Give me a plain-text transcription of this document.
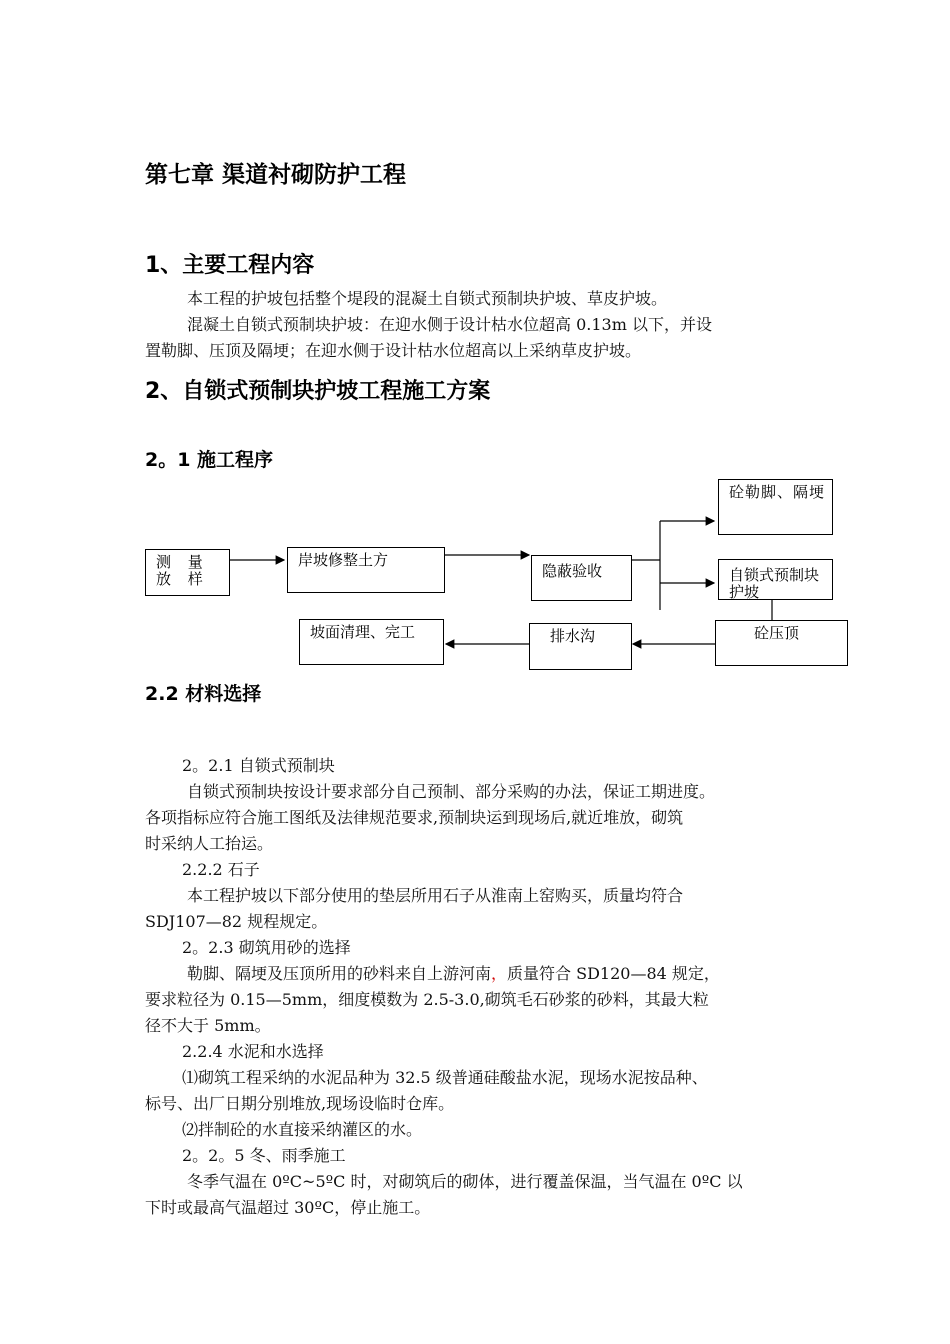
第七章 渠道衬砌防护工程
1、主要工程内容
本工程的护坡包括整个堤段的混凝土自锁式预制块护坡、草皮护坡。
混凝土自锁式预制块护坡：在迎水侧于设计枯水位超高 0.13m 以下，并设
置勒脚、压顶及隔埂；在迎水侧于设计枯水位超高以上采纳草皮护坡。
2、自锁式预制块护坡工程施工方案
2。1 施工程序
测 量 放 样
岸坡修整土方
隐蔽验收
砼勒脚、隔埂
自锁式预制块护坡
砼压顶
排水沟
坡面清理、完工
2.2 材料选择
2。2.1 自锁式预制块
自锁式预制块按设计要求部分自己预制、部分采购的办法，保证工期进度。
各项指标应符合施工图纸及法律规范要求,预制块运到现场后,就近堆放，砌筑
时采纳人工抬运。
2.2.2 石子
本工程护坡以下部分使用的垫层所用石子从淮南上窑购买，质量均符合
SDJ107—82 规程规定。
2。2.3 砌筑用砂的选择
勒脚、隔埂及压顶所用的砂料来自上游河南，质量符合 SD120—84 规定，
要求粒径为 0.15—5mm，细度模数为 2.5-3.0,砌筑毛石砂浆的砂料，其最大粒
径不大于 5mm。
2.2.4 水泥和水选择
⑴砌筑工程采纳的水泥品种为 32.5 级普通硅酸盐水泥，现场水泥按品种、
标号、出厂日期分别堆放,现场设临时仓库。
⑵拌制砼的水直接采纳灌区的水。
2。2。5 冬、雨季施工
冬季气温在 0ºC~5ºC 时，对砌筑后的砌体，进行覆盖保温，当气温在 0ºC 以
下时或最高气温超过 30ºC，停止施工。
